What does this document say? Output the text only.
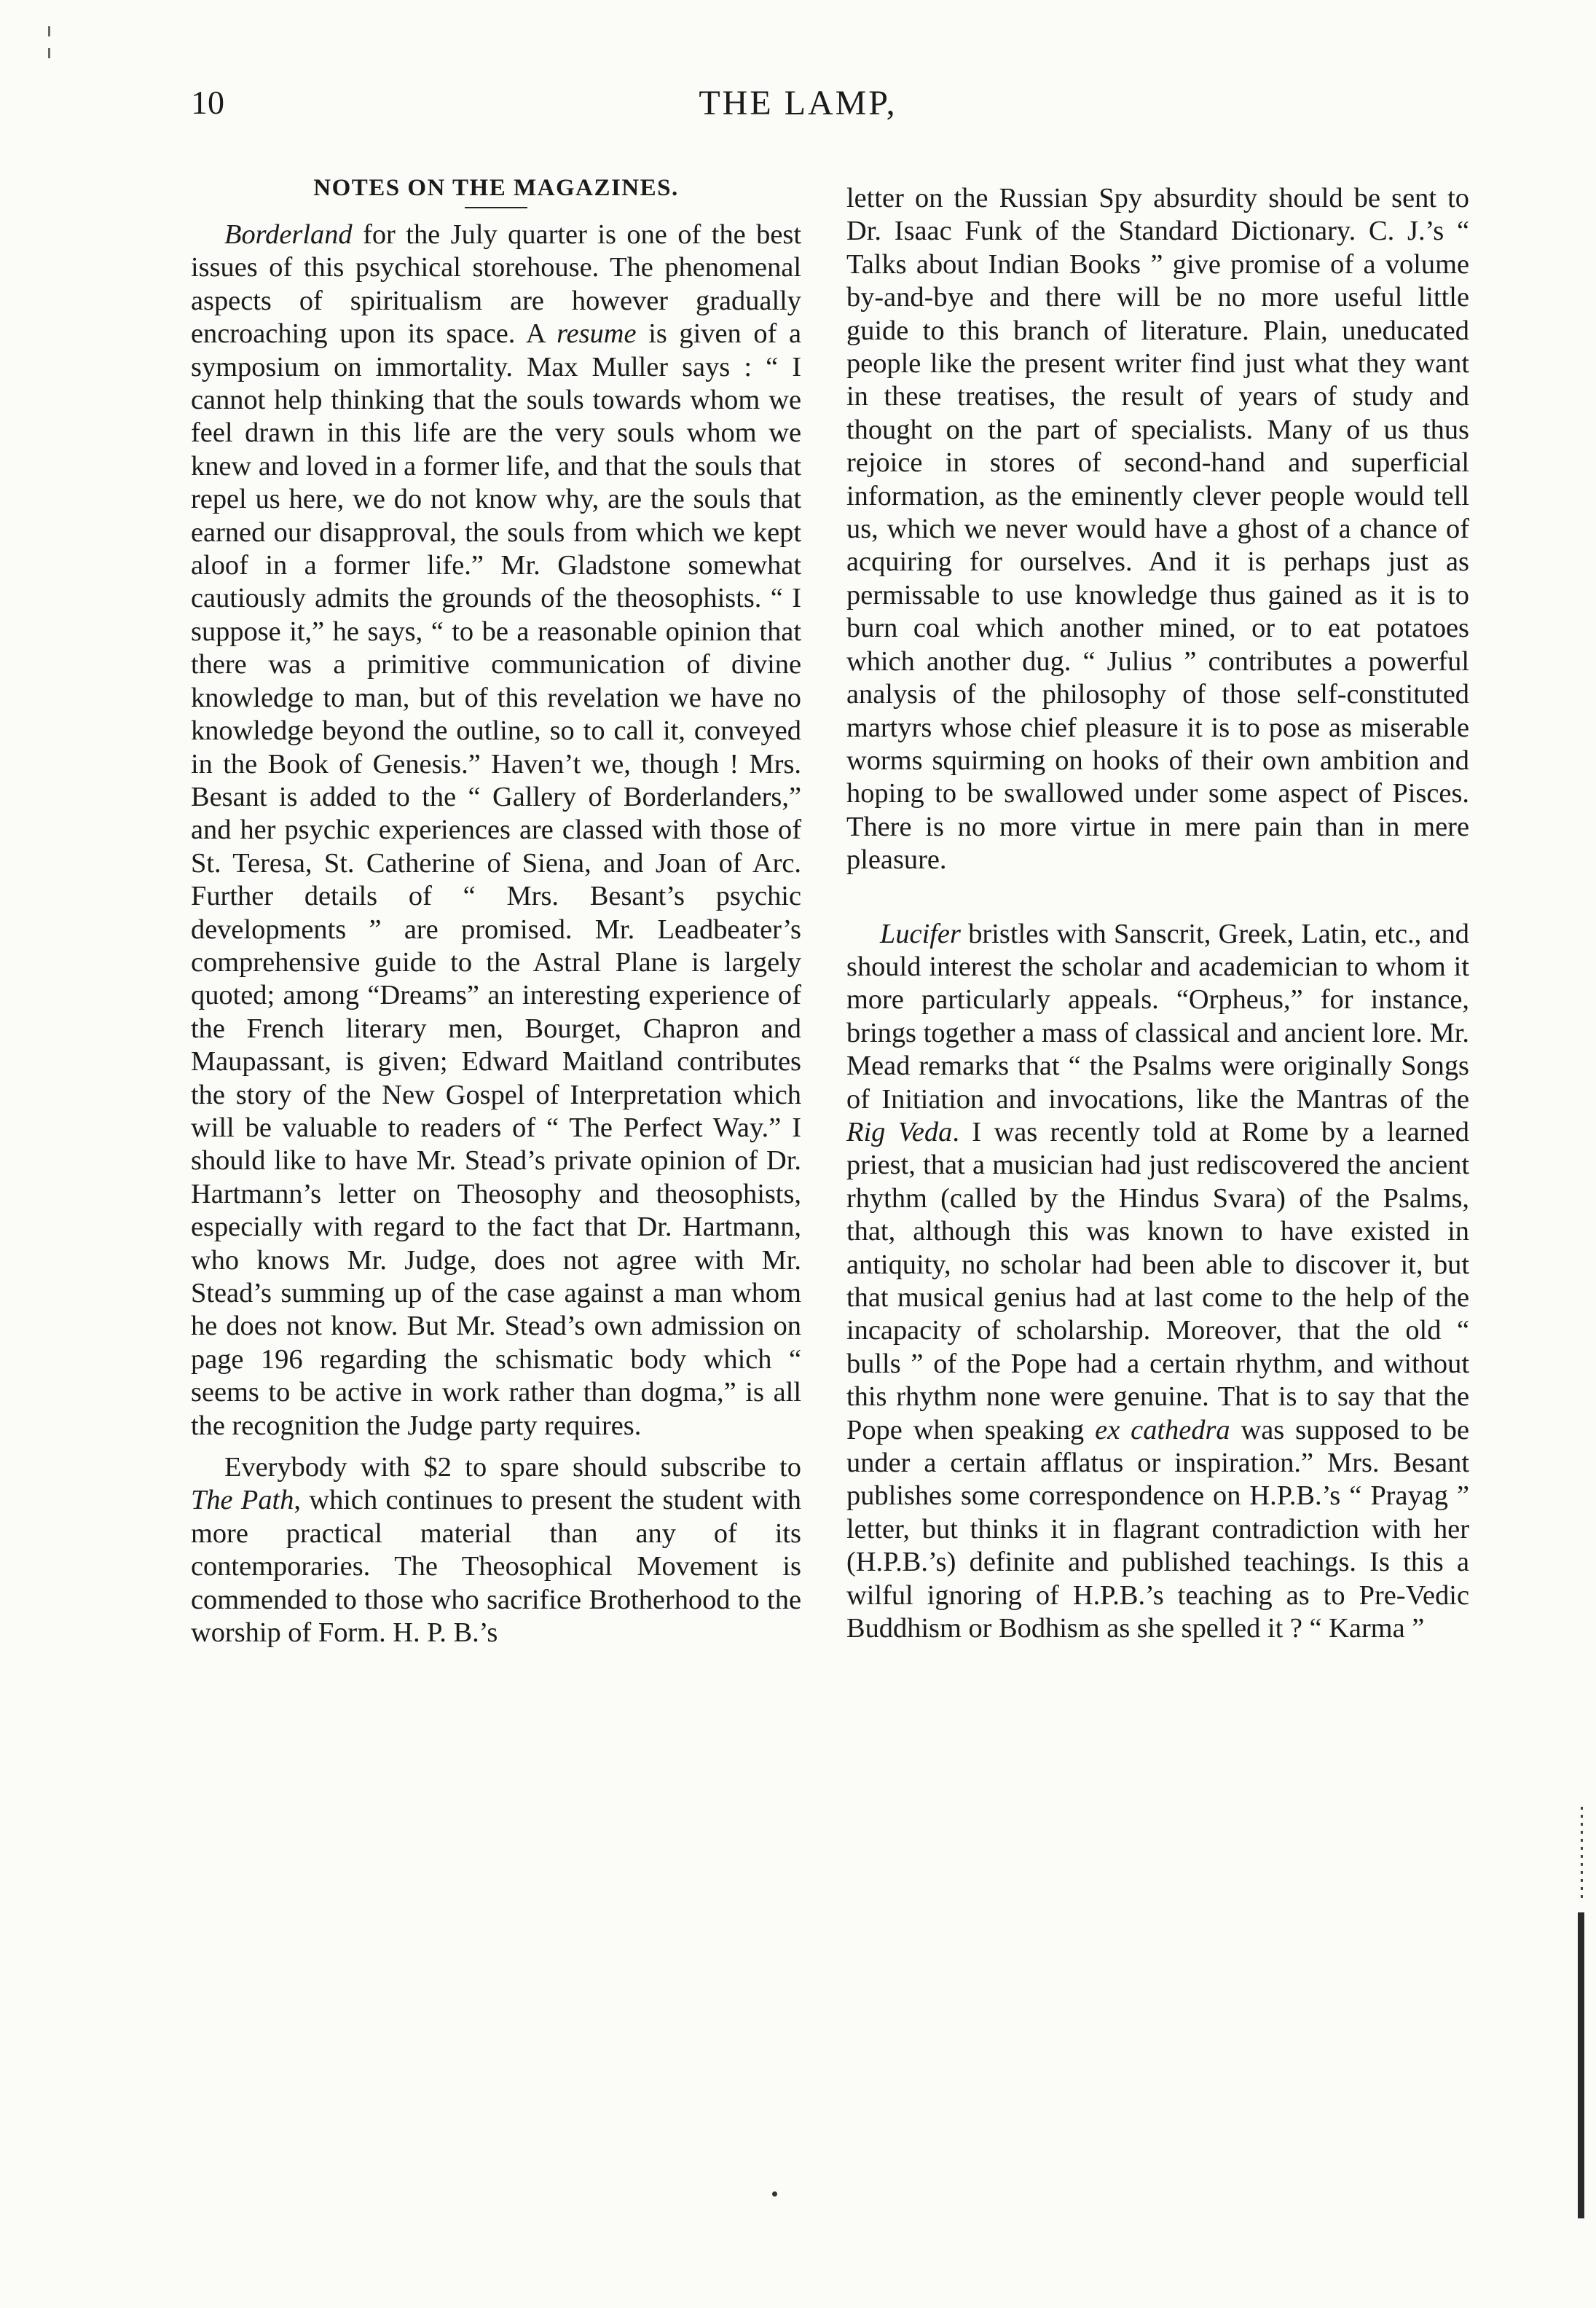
10	THE LAMP,
NOTES ON THE MAGAZINES.

Borderland for the July quarter is one of the best issues of this psychical storehouse. The phenomenal aspects of spiritualism are however gradually encroaching upon its space. A resume is given of a symposium on immortality. Max Muller says : “ I cannot help thinking that the souls towards whom we feel drawn in this life are the very souls whom we knew and loved in a former life, and that the souls that repel us here, we do not know why, are the souls that earned our disapproval, the souls from which we kept aloof in a former life.” Mr. Gladstone somewhat cautiously admits the grounds of the theosophists. “ I suppose it,” he says, “ to be a reasonable opinion that there was a primitive communication of divine knowledge to man, but of this revelation we have no knowledge beyond the outline, so to call it, conveyed in the Book of Genesis.” Haven’t we, though ! Mrs. Besant is added to the “ Gallery of Borderlanders,” and her psychic experiences are classed with those of St. Teresa, St. Catherine of Siena, and Joan of Arc. Further details of “ Mrs. Besant’s psychic developments ” are promised. Mr. Leadbeater’s comprehensive guide to the Astral Plane is largely quoted; among “Dreams” an interesting experience of the French literary men, Bourget, Chapron and Maupassant, is given; Edward Maitland contributes the story of the New Gospel of Interpretation which will be valuable to readers of “ The Perfect Way.” I should like to have Mr. Stead’s private opinion of Dr. Hartmann’s letter on Theosophy and theosophists, especially with regard to the fact that Dr. Hartmann, who knows Mr. Judge, does not agree with Mr. Stead’s summing up of the case against a man whom he does not know. But Mr. Stead’s own admission on page 196 regarding the schismatic body which “ seems to be active in work rather than dogma,” is all the recognition the Judge party requires.

Everybody with $2 to spare should subscribe to The Path, which continues to present the student with more practical material than any of its contemporaries. The Theosophical Movement is commended to those who sacrifice Brotherhood to the worship of Form. H. P. B.’s

letter on the Russian Spy absurdity should be sent to Dr. Isaac Funk of the Standard Dictionary. C. J.’s “ Talks about Indian Books ” give promise of a volume by-and-bye and there will be no more useful little guide to this branch of literature. Plain, uneducated people like the present writer find just what they want in these treatises, the result of years of study and thought on the part of specialists. Many of us thus rejoice in stores of second-hand and superficial information, as the eminently clever people would tell us, which we never would have a ghost of a chance of acquiring for ourselves. And it is perhaps just as permissable to use knowledge thus gained as it is to burn coal which another mined, or to eat potatoes which another dug. “ Julius ” contributes a powerful analysis of the philosophy of those self-constituted martyrs whose chief pleasure it is to pose as miserable worms squirming on hooks of their own ambition and hoping to be swallowed under some aspect of Pisces. There is no more virtue in mere pain than in mere pleasure.

Lucifer bristles with Sanscrit, Greek, Latin, etc., and should interest the scholar and academician to whom it more particularly appeals. “Orpheus,” for instance, brings together a mass of classical and ancient lore. Mr. Mead remarks that “ the Psalms were originally Songs of Initiation and invocations, like the Mantras of the Rig Veda. I was recently told at Rome by a learned priest, that a musician had just rediscovered the ancient rhythm (called by the Hindus Svara) of the Psalms, that, although this was known to have existed in antiquity, no scholar had been able to discover it, but that musical genius had at last come to the help of the incapacity of scholarship. Moreover, that the old “ bulls ” of the Pope had a certain rhythm, and without this rhythm none were genuine. That is to say that the Pope when speaking ex cathedra was supposed to be under a certain afflatus or inspiration.” Mrs. Besant publishes some correspondence on H.P.B.’s “ Prayag ” letter, but thinks it in flagrant contradiction with her (H.P.B.’s) definite and published teachings. Is this a wilful ignoring of H.P.B.’s teaching as to Pre-Vedic Buddhism or Bodhism as she spelled it ? “ Karma ”
